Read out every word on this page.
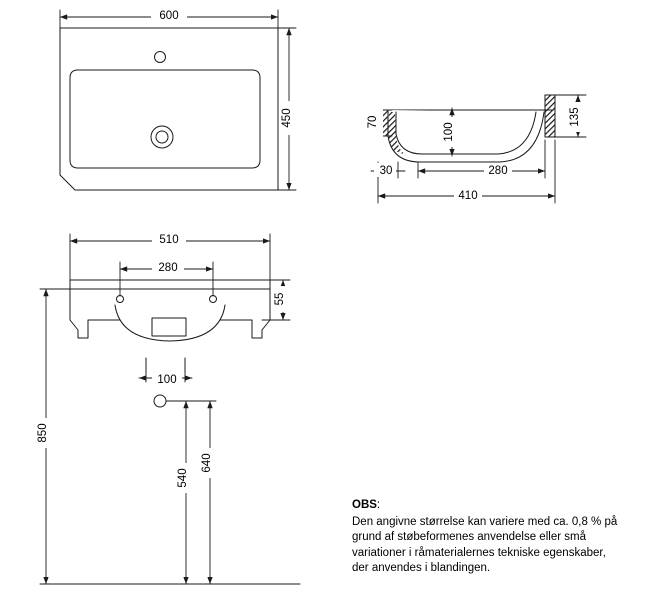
600
450	70
100
135
30	280
410
510
280
55
100
850
540
640
OBS:
Den angivne størrelse kan variere med ca. 0,8 % på
grund af støbeformenes anvendelse eller små
variationer i råmaterialernes tekniske egenskaber,
der anvendes i blandingen.
